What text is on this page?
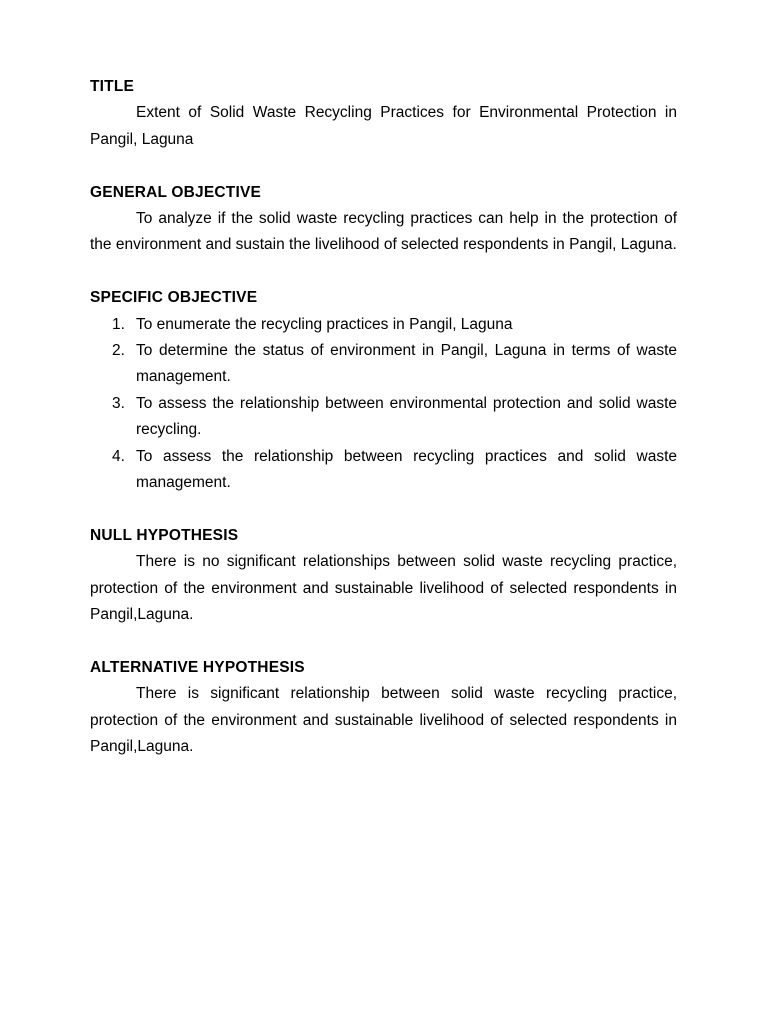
TITLE

Extent of Solid Waste Recycling Practices for Environmental Protection in Pangil, Laguna

GENERAL OBJECTIVE

To analyze if the solid waste recycling practices can help in the protection of the environment and sustain the livelihood of selected respondents in Pangil, Laguna.

SPECIFIC OBJECTIVE

1. To enumerate the recycling practices in Pangil, Laguna
2. To determine the status of environment in Pangil, Laguna in terms of waste management.
3. To assess the relationship between environmental protection and solid waste recycling.
4. To assess the relationship between recycling practices and solid waste management.

NULL HYPOTHESIS

There is no significant relationships between solid waste recycling practice, protection of the environment and sustainable livelihood of selected respondents in Pangil,Laguna.

ALTERNATIVE HYPOTHESIS

There is significant relationship between solid waste recycling practice, protection of the environment and sustainable livelihood of selected respondents in Pangil,Laguna.
